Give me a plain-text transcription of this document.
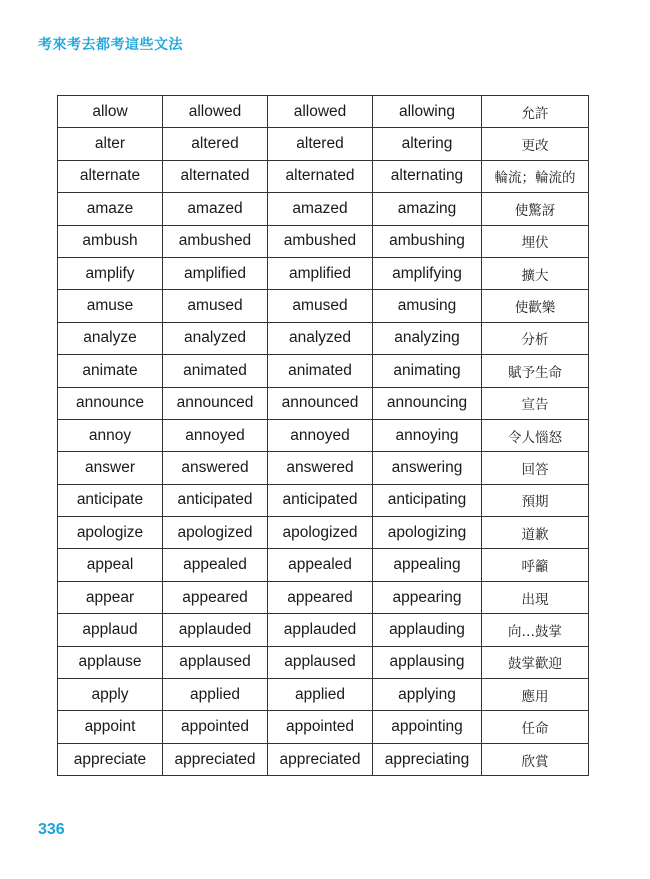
考來考去都考這些文法
allow	allowed	allowed	allowing	允許
alter	altered	altered	altering	更改
alternate	alternated	alternated	alternating	輪流；輪流的
amaze	amazed	amazed	amazing	使驚訝
ambush	ambushed	ambushed	ambushing	埋伏
amplify	amplified	amplified	amplifying	擴大
amuse	amused	amused	amusing	使歡樂
analyze	analyzed	analyzed	analyzing	分析
animate	animated	animated	animating	賦予生命
announce	announced	announced	announcing	宣告
annoy	annoyed	annoyed	annoying	令人惱怒
answer	answered	answered	answering	回答
anticipate	anticipated	anticipated	anticipating	預期
apologize	apologized	apologized	apologizing	道歉
appeal	appealed	appealed	appealing	呼籲
appear	appeared	appeared	appearing	出現
applaud	applauded	applauded	applauding	向…鼓掌
applause	applaused	applaused	applausing	鼓掌歡迎
apply	applied	applied	applying	應用
appoint	appointed	appointed	appointing	任命
appreciate	appreciated	appreciated	appreciating	欣賞
336
